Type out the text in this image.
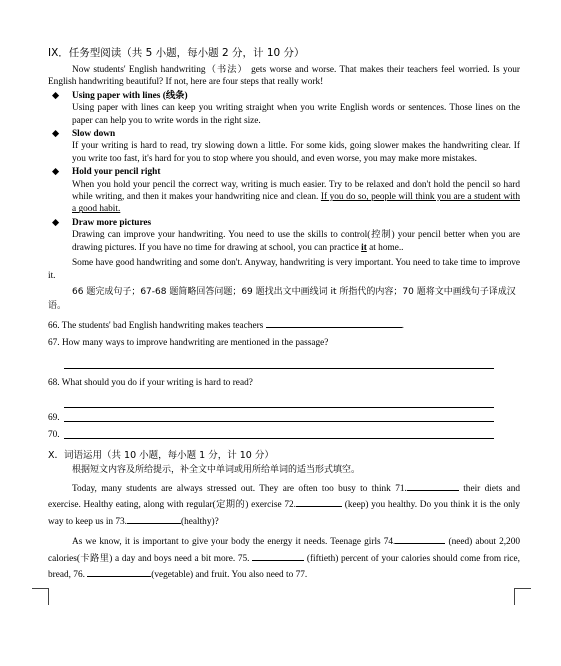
IX．任务型阅读（共 5 小题，每小题 2 分，计 10 分）

Now students' English handwriting（书法） gets worse and worse. That makes their teachers feel worried. Is your English handwriting beautiful? If not, here are four steps that really work!

◆ Using paper with lines (线条)

Using paper with lines can keep you writing straight when you write English words or sentences. Those lines on the paper can help you to write words in the right size.

◆ Slow down

If your writing is hard to read, try slowing down a little. For some kids, going slower makes the handwriting clear. If you write too fast, it's hard for you to stop where you should, and even worse, you may make more mistakes.

◆ Hold your pencil right

When you hold your pencil the correct way, writing is much easier. Try to be relaxed and don't hold the pencil so hard while writing, and then it makes your handwriting nice and clean. If you do so, people will think you are a student with a good habit.

◆ Draw more pictures

Drawing can improve your handwriting. You need to use the skills to control(控制) your pencil better when you are drawing pictures. If you have no time for drawing at school, you can practice it at home..

Some have good handwriting and some don't. Anyway, handwriting is very important. You need to take time to improve it.

66 题完成句子；67-68 题简略回答问题；69 题找出文中画线词 it 所指代的内容；70 题将文中画线句子译成汉语。

66. The students' bad English handwriting makes teachers	.

67. How many ways to improve handwriting are mentioned in the passage?

68. What should you do if your writing is hard to read?

69.

70.

X．词语运用（共 10 小题，每小题 1 分，计 10 分）

根据短文内容及所给提示，补全文中单词或用所给单词的适当形式填空。

Today, many students are always stressed out. They are often too busy to think 71.	their diets and exercise. Healthy eating, along with regular(定期的) exercise 72.	(keep) you healthy. Do you think it is the only way to keep us in 73.	(healthy)?

As we know, it is important to give your body the energy it needs. Teenage girls 74.	(need) about 2,200 calories(卡路里) a day and boys need a bit more. 75.	(fiftieth) percent of your calories should come from rice, bread, 76.	(vegetable) and fruit. You also need to 77.
